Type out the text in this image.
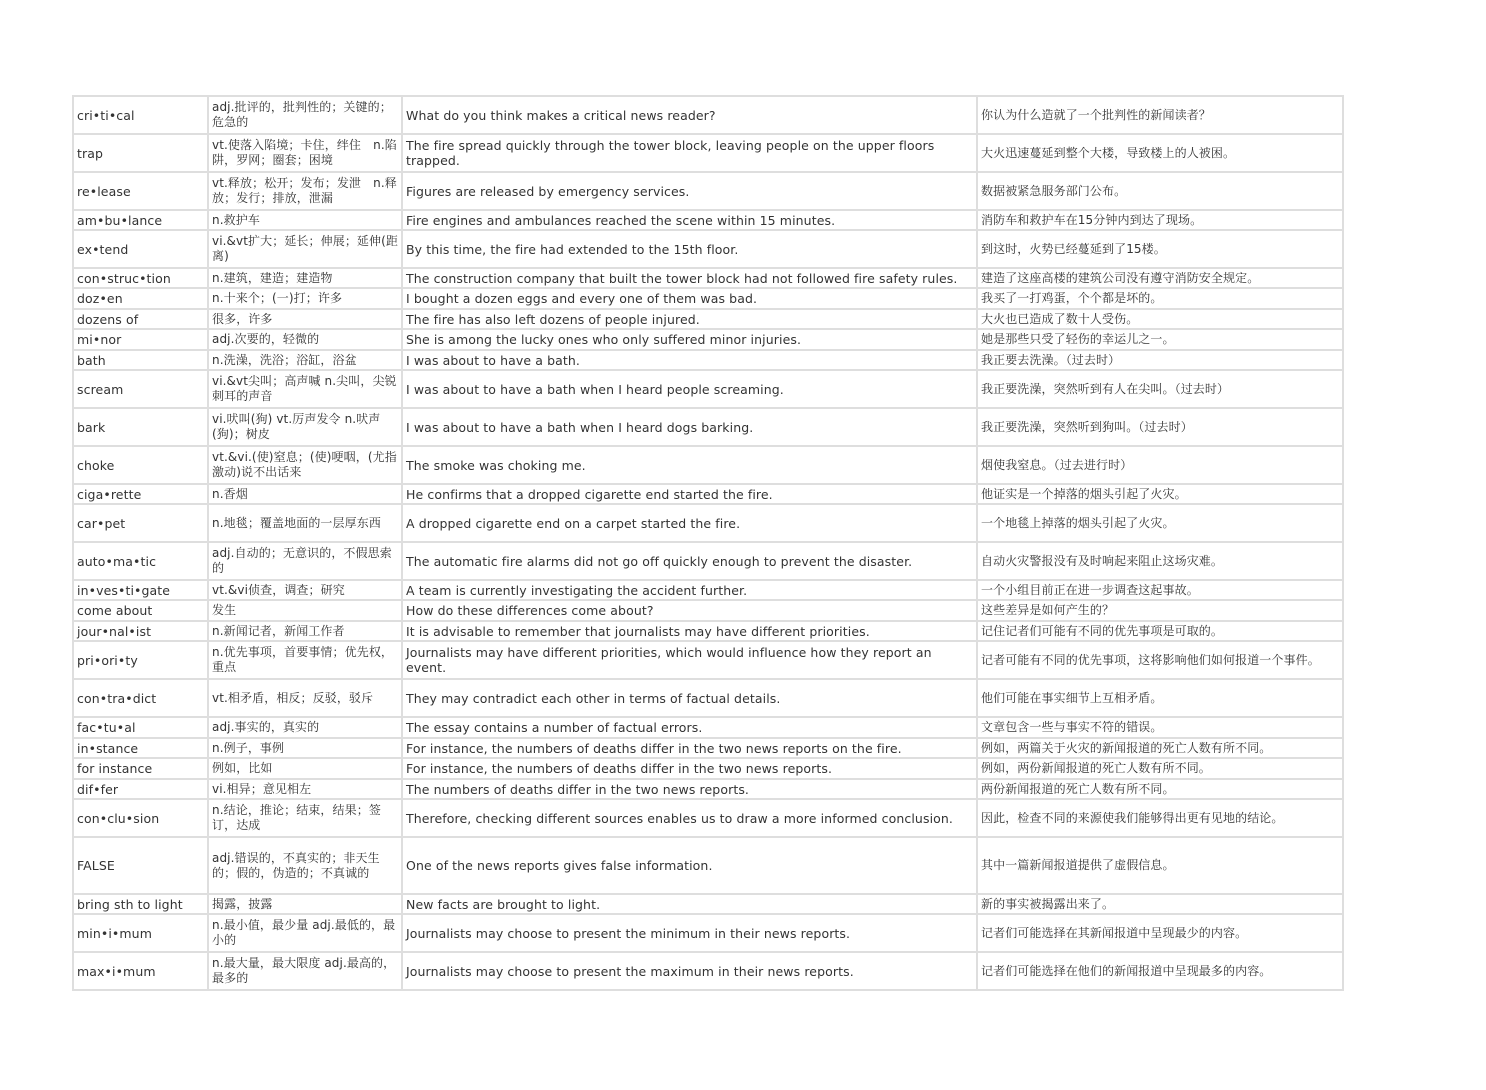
cri•ti•cal	adj.批评的，批判性的；关键的；危急的	What do you think makes a critical news reader?	你认为什么造就了一个批判性的新闻读者？
trap	vt.使落入陷境；卡住，绊住　n.陷阱，罗网；圈套；困境	The fire spread quickly through the tower block, leaving people on the upper floors trapped.	大火迅速蔓延到整个大楼，导致楼上的人被困。
re•lease	vt.释放；松开；发布；发泄　n.释放；发行；排放，泄漏	Figures are released by emergency services.	数据被紧急服务部门公布。
am•bu•lance	n.救护车	Fire engines and ambulances reached the scene within 15 minutes.	消防车和救护车在15分钟内到达了现场。
ex•tend	vi.&vt扩大；延长；伸展；延伸(距离)	By this time, the fire had extended to the 15th floor.	到这时，火势已经蔓延到了15楼。
con•struc•tion	n.建筑，建造；建造物	The construction company that built the tower block had not followed fire safety rules.	建造了这座高楼的建筑公司没有遵守消防安全规定。
doz•en	n.十来个；(一)打；许多	I bought a dozen eggs and every one of them was bad.	我买了一打鸡蛋，个个都是坏的。
dozens of	很多，许多	The fire has also left dozens of people injured.	大火也已造成了数十人受伤。
mi•nor	adj.次要的，轻微的	She is among the lucky ones who only suffered minor injuries.	她是那些只受了轻伤的幸运儿之一。
bath	n.洗澡，洗浴；浴缸，浴盆	I was about to have a bath.	我正要去洗澡。（过去时）
scream	vi.&vt尖叫；高声喊 n.尖叫，尖锐刺耳的声音	I was about to have a bath when I heard people screaming.	我正要洗澡，突然听到有人在尖叫。（过去时）
bark	vi.吠叫(狗) vt.厉声发令 n.吠声(狗)；树皮	I was about to have a bath when I heard dogs barking.	我正要洗澡，突然听到狗叫。（过去时）
choke	vt.&vi.(使)窒息；(使)哽咽，(尤指激动)说不出话来	The smoke was choking me.	烟使我窒息。（过去进行时）
ciga•rette	n.香烟	He confirms that a dropped cigarette end started the fire.	他证实是一个掉落的烟头引起了火灾。
car•pet	n.地毯；覆盖地面的一层厚东西	A dropped cigarette end on a carpet started the fire.	一个地毯上掉落的烟头引起了火灾。
auto•ma•tic	adj.自动的；无意识的，不假思索的	The automatic fire alarms did not go off quickly enough to prevent the disaster.	自动火灾警报没有及时响起来阻止这场灾难。
in•ves•ti•gate	vt.&vi侦查，调查；研究	A team is currently investigating the accident further.	一个小组目前正在进一步调查这起事故。
come about	发生	How do these differences come about?	这些差异是如何产生的？
jour•nal•ist	n.新闻记者，新闻工作者	It is advisable to remember that journalists may have different priorities.	记住记者们可能有不同的优先事项是可取的。
pri•ori•ty	n.优先事项，首要事情；优先权，重点	Journalists may have different priorities, which would influence how they report an event.	记者可能有不同的优先事项，这将影响他们如何报道一个事件。
con•tra•dict	vt.相矛盾，相反；反驳，驳斥	They may contradict each other in terms of factual details.	他们可能在事实细节上互相矛盾。
fac•tu•al	adj.事实的，真实的	The essay contains a number of factual errors.	文章包含一些与事实不符的错误。
in•stance	n.例子，事例	For instance, the numbers of deaths differ in the two news reports on the fire.	例如，两篇关于火灾的新闻报道的死亡人数有所不同。
for instance	例如，比如	For instance, the numbers of deaths differ in the two news reports.	例如，两份新闻报道的死亡人数有所不同。
dif•fer	vi.相异；意见相左	The numbers of deaths differ in the two news reports.	两份新闻报道的死亡人数有所不同。
con•clu•sion	n.结论，推论；结束，结果；签订，达成	Therefore, checking different sources enables us to draw a more informed conclusion.	因此，检查不同的来源使我们能够得出更有见地的结论。
FALSE	adj.错误的，不真实的；非天生的；假的，伪造的；不真诚的	One of the news reports gives false information.	其中一篇新闻报道提供了虚假信息。
bring sth to light	揭露，披露	New facts are brought to light.	新的事实被揭露出来了。
min•i•mum	n.最小值，最少量 adj.最低的，最小的	Journalists may choose to present the minimum in their news reports.	记者们可能选择在其新闻报道中呈现最少的内容。
max•i•mum	n.最大量，最大限度 adj.最高的，最多的	Journalists may choose to present the maximum in their news reports.	记者们可能选择在他们的新闻报道中呈现最多的内容。
